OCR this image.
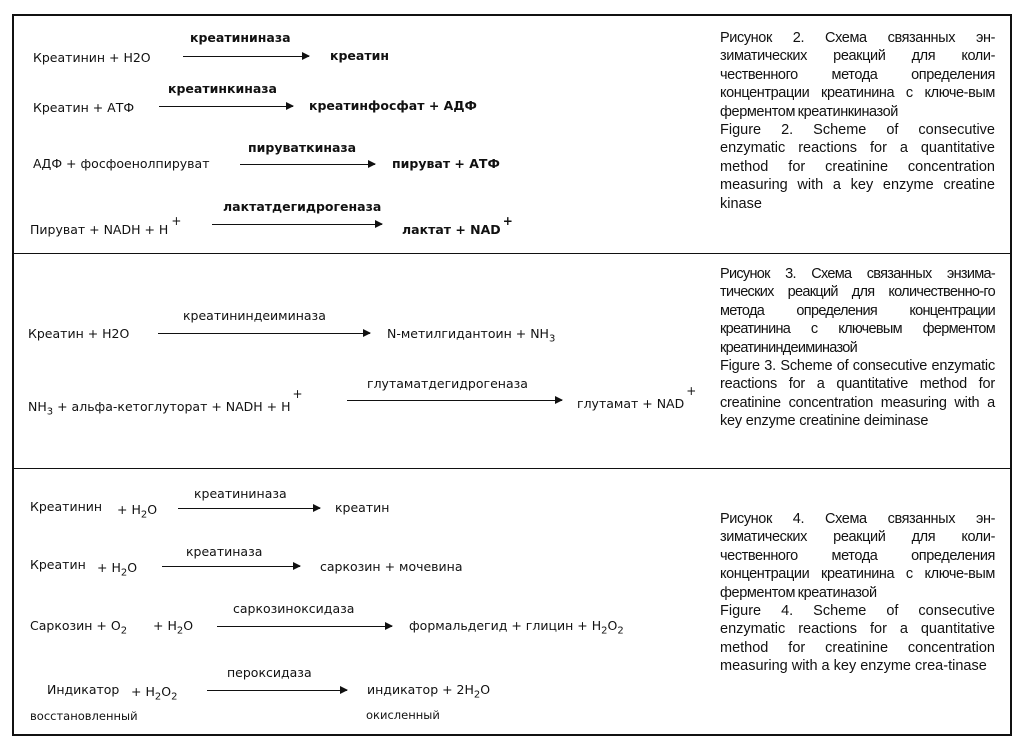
Креатинин + H2O
креатининаза
креатин
Креатин + АТФ
креатинкиназа
креатинфосфат + АДФ
АДФ + фосфоенолпируват
пируваткиназа
пируват + АТФ
Пируват + NADH + H+
лактатдегидрогеназа
лактат + NAD+
Рисунок 2. Схема связанных эн-зиматических реакций для коли-чественного метода определения концентрации креатинина с ключе-вым ферментом креатинкиназой
Figure 2. Scheme of consecutive enzymatic reactions for a quantitative method for creatinine concentration measuring with a key enzyme creatine kinase
Креатин + H2O
креатининдеиминаза
N-метилгидантоин + $NH_3$
$NH_3$ + альфа-кетоглуторат + NADH + H+
глутаматдегидрогеназа
глутамат + NAD+
Рисунок 3. Схема связанных энзима-тических реакций для количественно-го метода определения концентрации креатинина с ключевым ферментом креатининдеиминазой
Figure 3. Scheme of consecutive enzymatic reactions for a quantitative method for creatinine concentration measuring with a key enzyme creatinine deiminase
Креатинин + $H_2O$
креатининаза
креатин
Креатин + $H_2O$
креатиназа
саркозин + мочевина
Саркозин + $O_2 + H_2O$
саркозиноксидаза
формальдегид + глицин + $H_2O_2$
Индикатор
восстановленный
+ $H_2O_2$
пероксидаза
индикатор + $2H_2O$
окисленный
Рисунок 4. Схема связанных эн-зиматических реакций для коли-чественного метода определения концентрации креатинина с ключе-вым ферментом креатиназой
Figure 4. Scheme of consecutive enzymatic reactions for a quantitative method for creatinine concentration measuring with a key enzyme crea-tinase
